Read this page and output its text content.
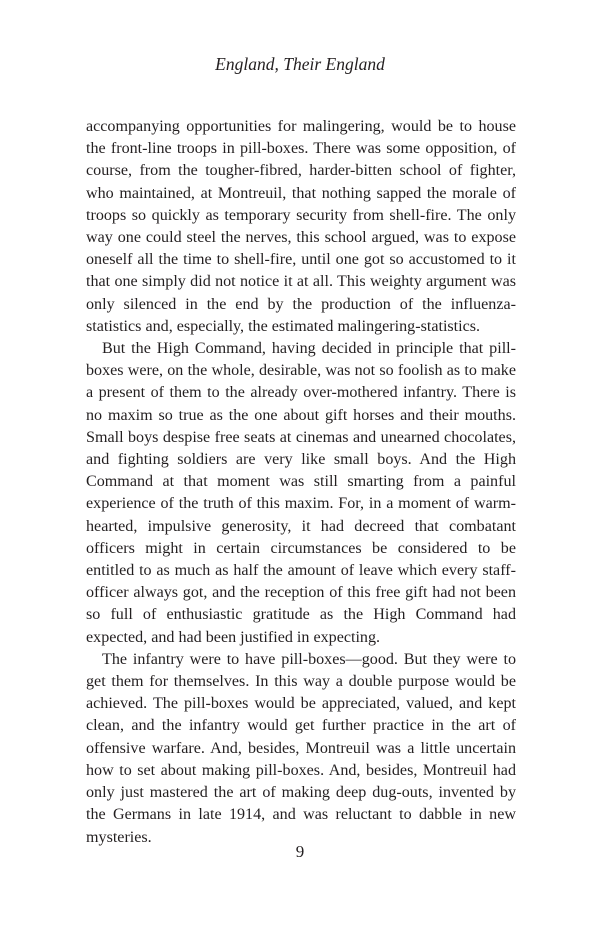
England, Their England

accompanying opportunities for malingering, would be to house the front-line troops in pill-boxes. There was some opposition, of course, from the tougher-fibred, harder-bitten school of fighter, who maintained, at Montreuil, that nothing sapped the morale of troops so quickly as temporary security from shell-fire. The only way one could steel the nerves, this school argued, was to expose oneself all the time to shell-fire, until one got so accustomed to it that one simply did not notice it at all. This weighty argument was only silenced in the end by the production of the influenza-statistics and, especially, the estimated malingering-statistics.

But the High Command, having decided in principle that pill-boxes were, on the whole, desirable, was not so foolish as to make a present of them to the already over-mothered infantry. There is no maxim so true as the one about gift horses and their mouths. Small boys despise free seats at cinemas and unearned chocolates, and fighting soldiers are very like small boys. And the High Command at that moment was still smarting from a painful experience of the truth of this maxim. For, in a moment of warm-hearted, impulsive generosity, it had decreed that combatant officers might in certain circumstances be considered to be entitled to as much as half the amount of leave which every staff-officer always got, and the reception of this free gift had not been so full of enthusiastic gratitude as the High Command had expected, and had been justified in expecting.

The infantry were to have pill-boxes—good. But they were to get them for themselves. In this way a double purpose would be achieved. The pill-boxes would be appreciated, valued, and kept clean, and the infantry would get further practice in the art of offensive warfare. And, besides, Montreuil was a little uncertain how to set about making pill-boxes. And, besides, Montreuil had only just mastered the art of making deep dug-outs, invented by the Germans in late 1914, and was reluctant to dabble in new mysteries.

9
